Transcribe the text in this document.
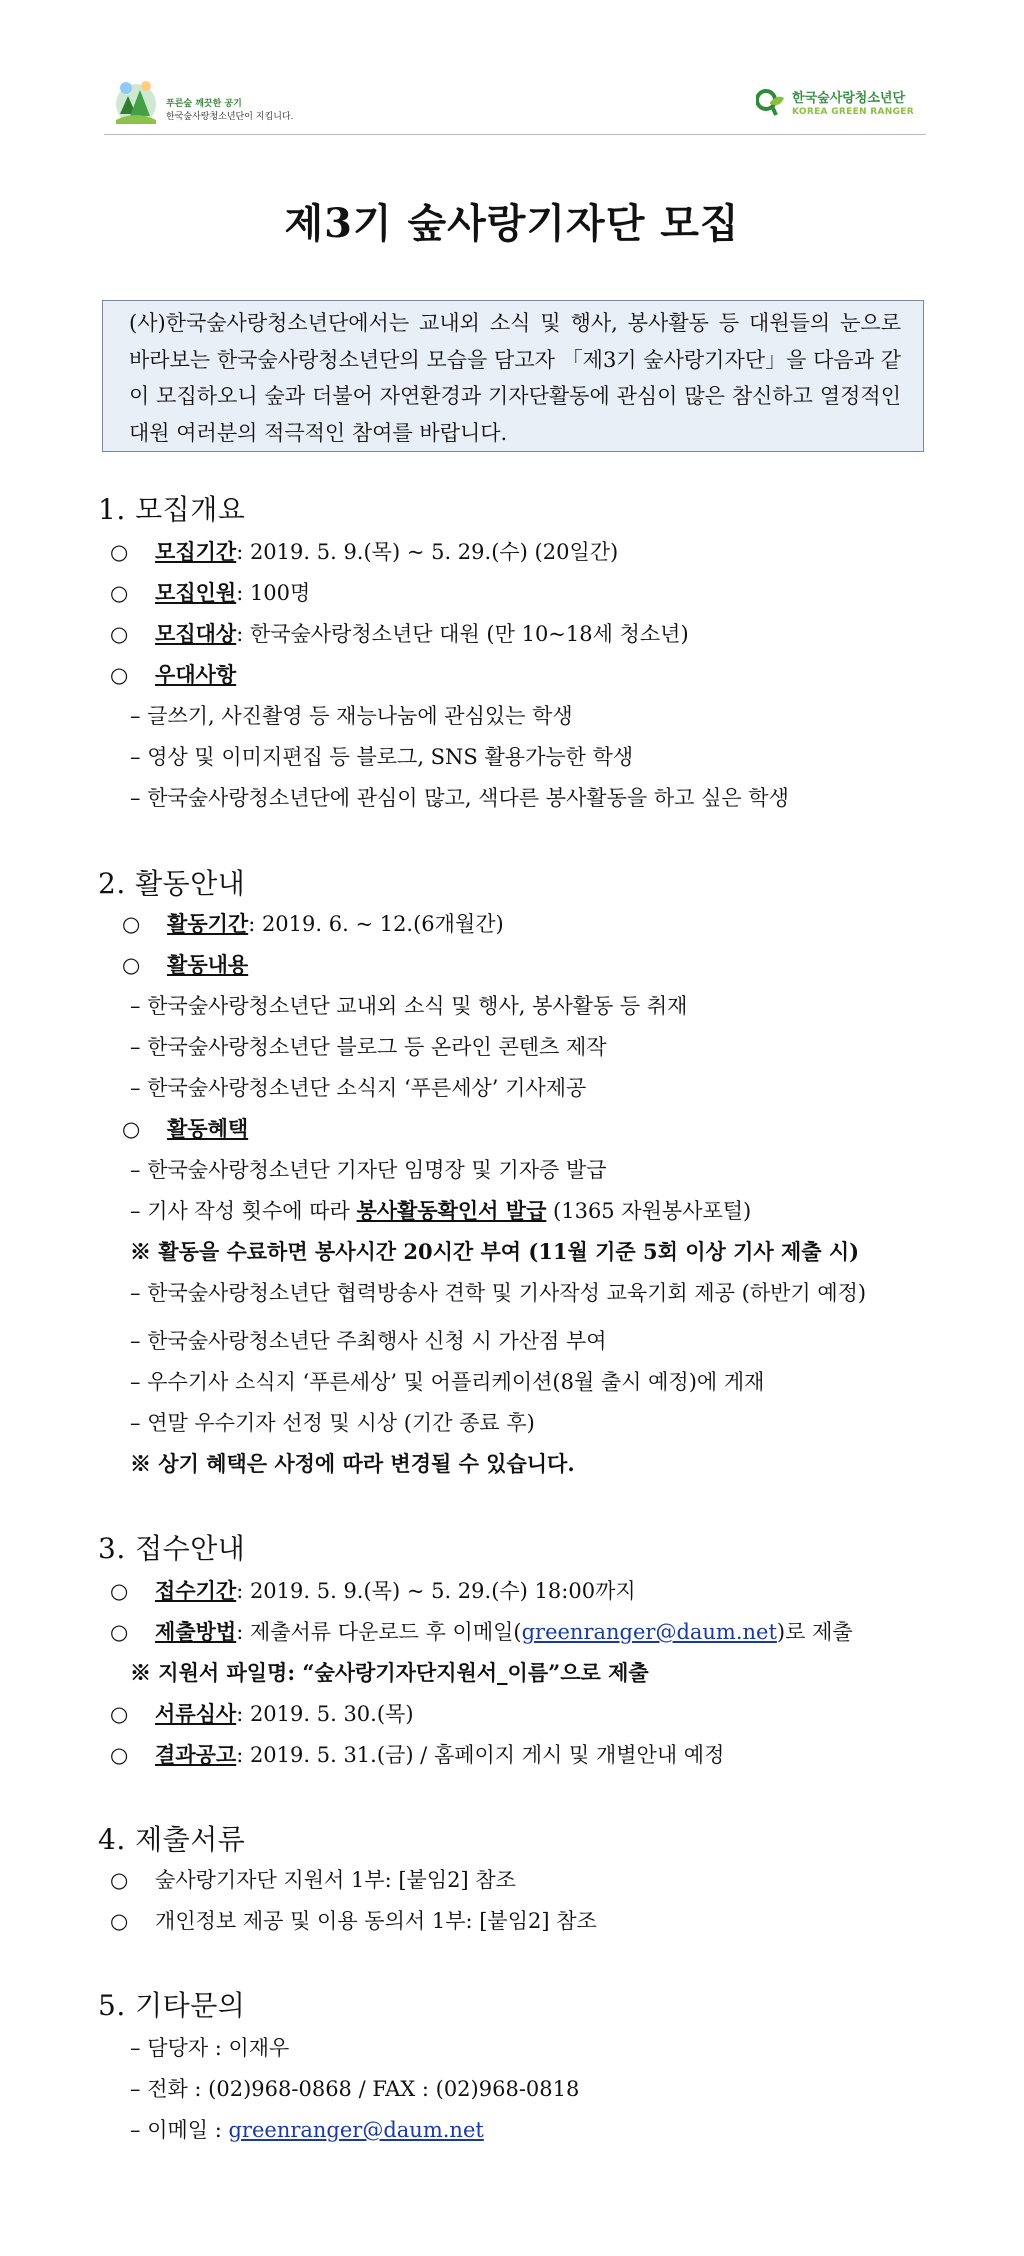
푸른숲 깨끗한 공기
한국숲사랑청소년단이 지킵니다.
한국숲사랑청소년단
KOREA GREEN RANGER
제3기 숲사랑기자단 모집
(사)한국숲사랑청소년단에서는 교내외 소식 및 행사, 봉사활동 등 대원들의 눈으로 바라보는 한국숲사랑청소년단의 모습을 담고자 「제3기 숲사랑기자단」을 다음과 같이 모집하오니 숲과 더불어 자연환경과 기자단활동에 관심이 많은 참신하고 열정적인 대원 여러분의 적극적인 참여를 바랍니다.
1. 모집개요
○ 모집기간: 2019. 5. 9.(목) ~ 5. 29.(수) (20일간)
○ 모집인원: 100명
○ 모집대상: 한국숲사랑청소년단 대원 (만 10~18세 청소년)
○ 우대사항
– 글쓰기, 사진촬영 등 재능나눔에 관심있는 학생
– 영상 및 이미지편집 등 블로그, SNS 활용가능한 학생
– 한국숲사랑청소년단에 관심이 많고, 색다른 봉사활동을 하고 싶은 학생
2. 활동안내
○ 활동기간: 2019. 6. ~ 12.(6개월간)
○ 활동내용
– 한국숲사랑청소년단 교내외 소식 및 행사, 봉사활동 등 취재
– 한국숲사랑청소년단 블로그 등 온라인 콘텐츠 제작
– 한국숲사랑청소년단 소식지 ‘푸른세상’ 기사제공
○ 활동혜택
– 한국숲사랑청소년단 기자단 임명장 및 기자증 발급
– 기사 작성 횟수에 따라 봉사활동확인서 발급 (1365 자원봉사포털)
※ 활동을 수료하면 봉사시간 20시간 부여 (11월 기준 5회 이상 기사 제출 시)
– 한국숲사랑청소년단 협력방송사 견학 및 기사작성 교육기회 제공 (하반기 예정)
– 한국숲사랑청소년단 주최행사 신청 시 가산점 부여
– 우수기사 소식지 ‘푸른세상’ 및 어플리케이션(8월 출시 예정)에 게재
– 연말 우수기자 선정 및 시상 (기간 종료 후)
※ 상기 혜택은 사정에 따라 변경될 수 있습니다.
3. 접수안내
○ 접수기간: 2019. 5. 9.(목) ~ 5. 29.(수) 18:00까지
○ 제출방법: 제출서류 다운로드 후 이메일(greenranger@daum.net)로 제출
※ 지원서 파일명: “숲사랑기자단지원서_이름”으로 제출
○ 서류심사: 2019. 5. 30.(목)
○ 결과공고: 2019. 5. 31.(금) / 홈페이지 게시 및 개별안내 예정
4. 제출서류
○ 숲사랑기자단 지원서 1부: [붙임2] 참조
○ 개인정보 제공 및 이용 동의서 1부: [붙임2] 참조
5. 기타문의
– 담당자 : 이재우
– 전화 : (02)968-0868 / FAX : (02)968-0818
– 이메일 : greenranger@daum.net
